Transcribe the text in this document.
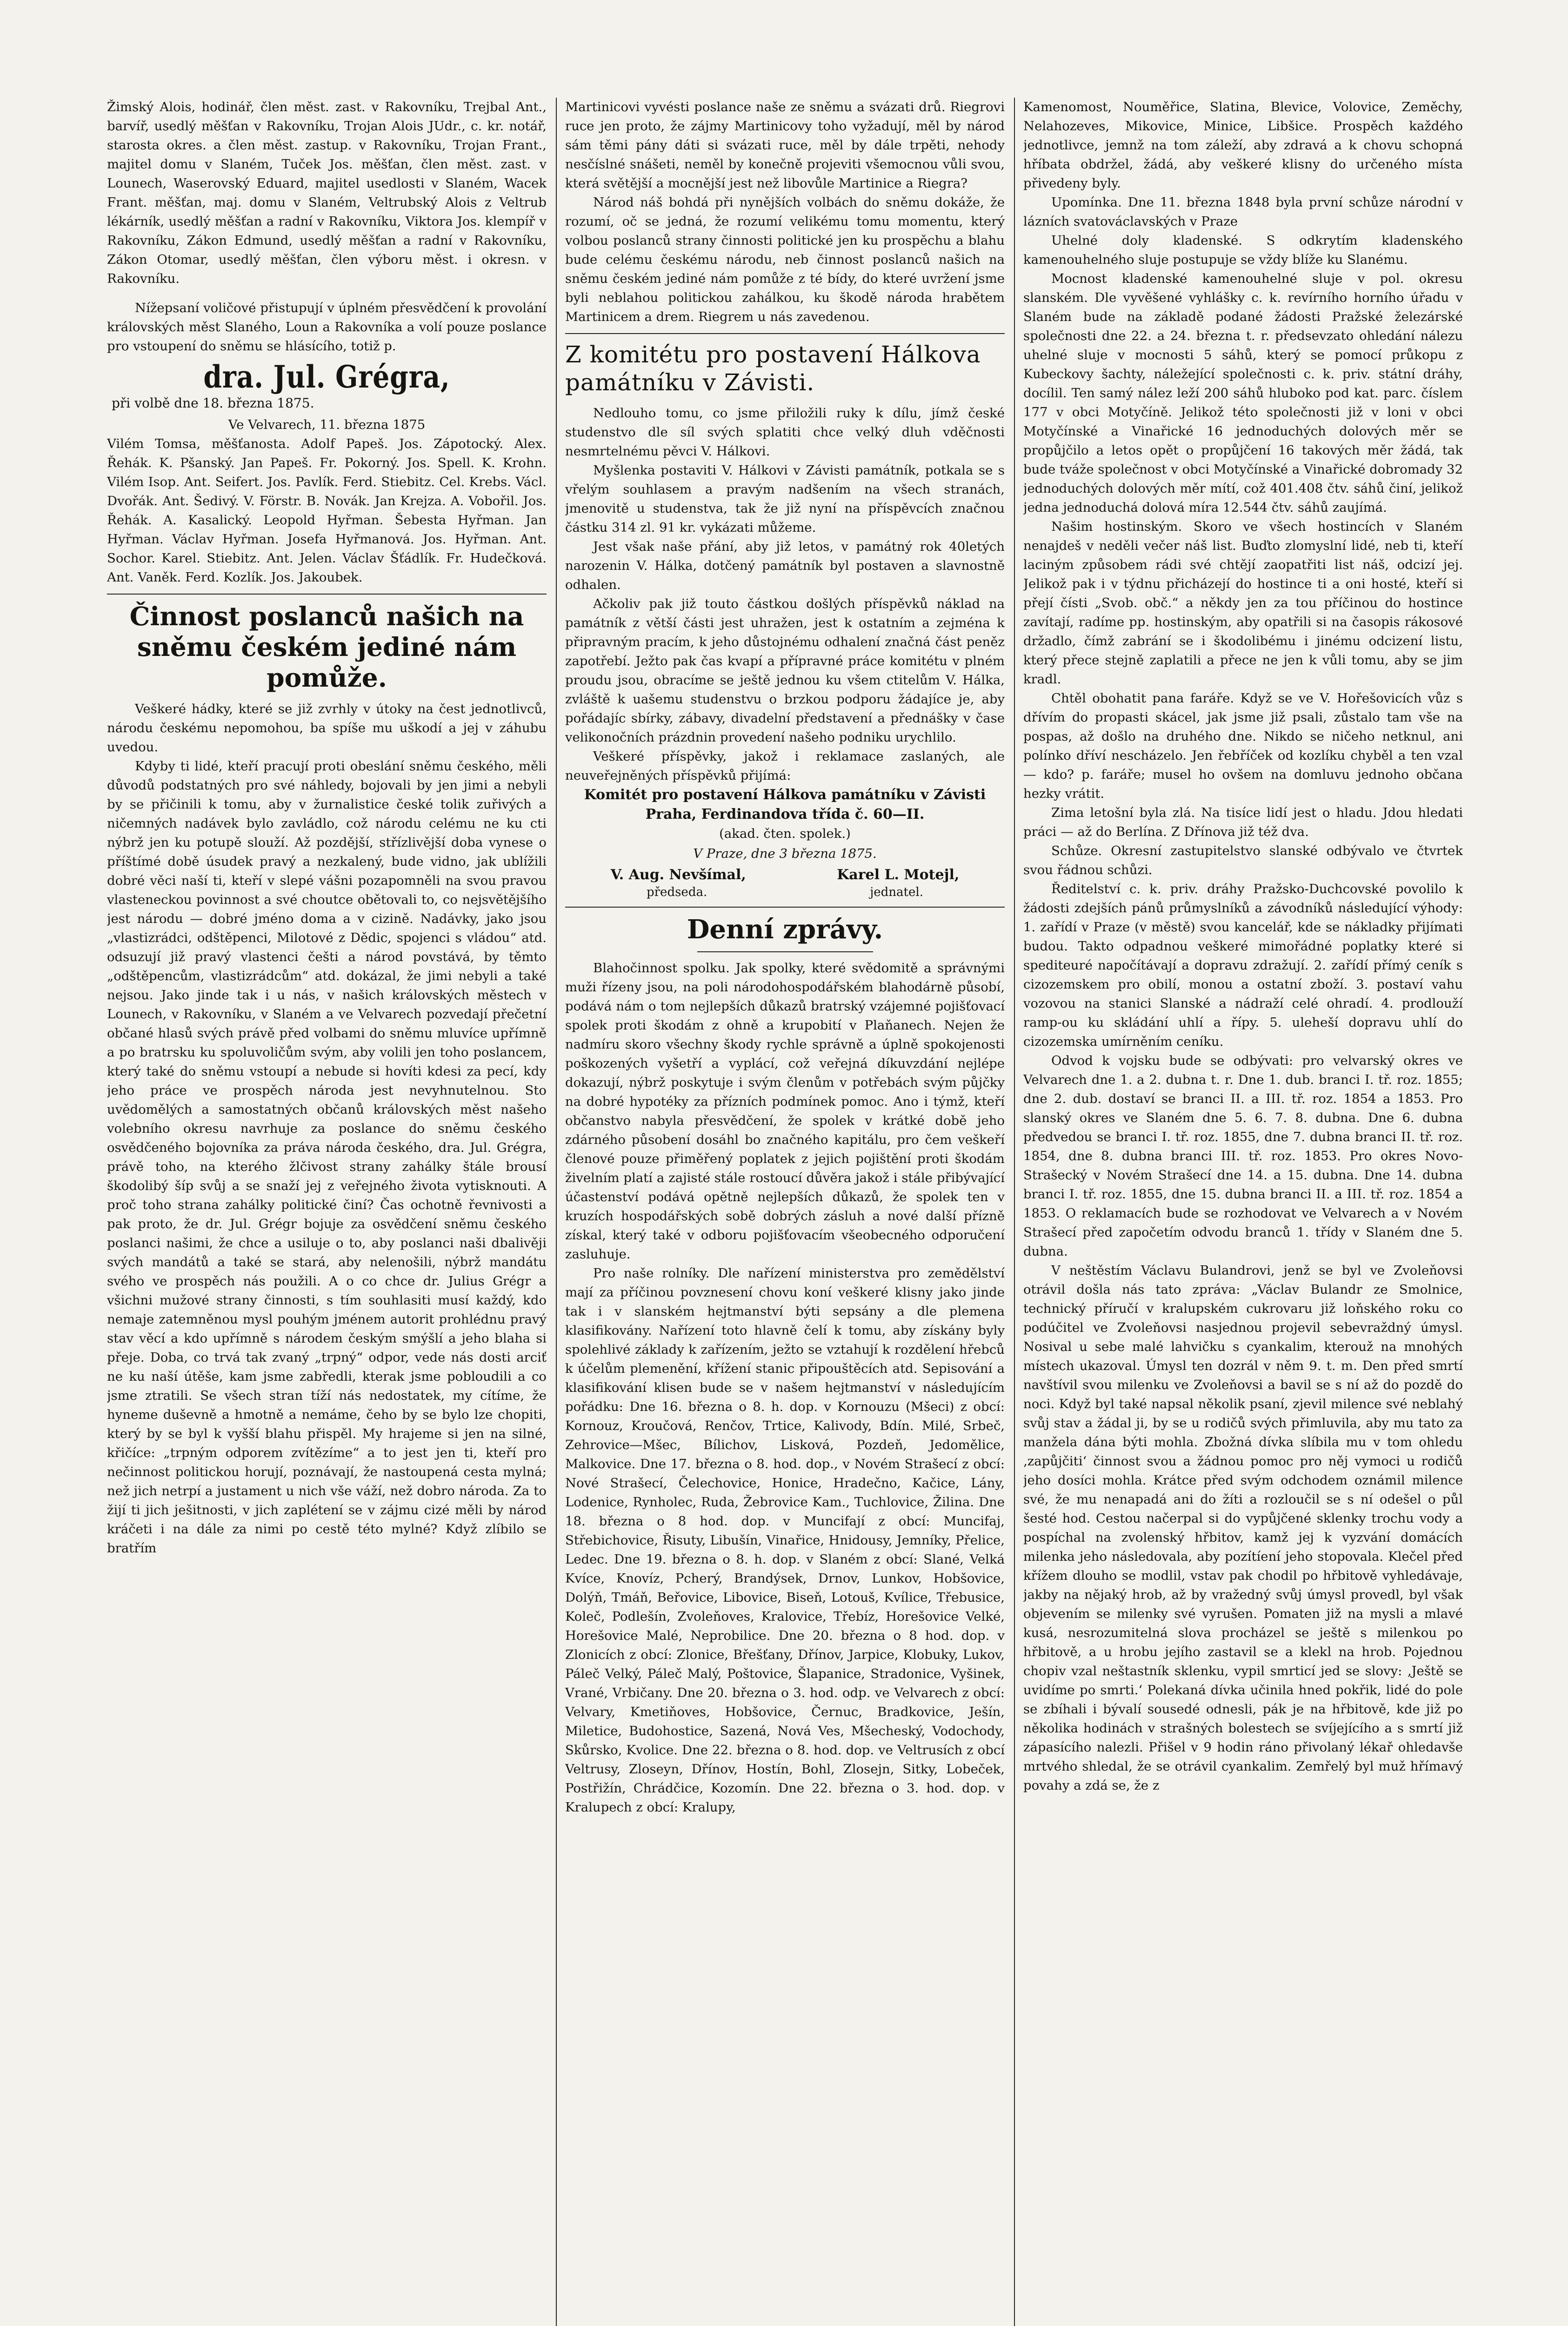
Žimský Alois, hodinář, člen měst. zast. v Rakovníku, Trejbal Ant., barvíř, usedlý měšťan v Rakovníku, Trojan Alois JUdr., c. kr. notář, starosta okres. a člen měst. zastup. v Rakovníku, Trojan Frant., majitel domu v Slaném, Tuček Jos. měšťan, člen měst. zast. v Lounech, Waserovský Eduard, majitel usedlosti v Slaném, Wacek Frant. měšťan, maj. domu v Slaném, Veltrubský Alois z Veltrub lékárník, usedlý měšťan a radní v Rakovníku, Viktora Jos. klempíř v Rakovníku, Zákon Edmund, usedlý měšťan a radní v Rakovníku, Zákon Otomar, usedlý měšťan, člen výboru měst. i okresn. v Rakovníku.

Nížepsaní voličové přistupují v úplném přesvědčení k provolání královských měst Slaného, Loun a Rakovníka a volí pouze poslance pro vstoupení do sněmu se hlásícího, totiž p.

dra. Jul. Grégra,

při volbě dne 18. března 1875.

Ve Velvarech, 11. března 1875

Vilém Tomsa, měšťanosta. Adolf Papeš. Jos. Zápotocký. Alex. Řehák. K. Pšanský. Jan Papeš. Fr. Pokorný. Jos. Spell. K. Krohn. Vilém Isop. Ant. Seifert. Jos. Pavlík. Ferd. Stiebitz. Cel. Krebs. Václ. Dvořák. Ant. Šedivý. V. Förstr. B. Novák. Jan Krejza. A. Vobořil. Jos. Řehák. A. Kasalický. Leopold Hyřman. Šebesta Hyřman. Jan Hyřman. Václav Hyřman. Josefa Hyřmanová. Jos. Hyřman. Ant. Sochor. Karel. Stiebitz. Ant. Jelen. Václav Šťádlík. Fr. Hudečková. Ant. Vaněk. Ferd. Kozlík. Jos. Jakoubek.

Činnost poslanců našich na sněmu českém jediné nám pomůže.

Veškeré hádky, které se již zvrhly v útoky na čest jednotlivců, národu českému nepomohou, ba spíše mu uškodí a jej v záhubu uvedou.

Kdyby ti lidé, kteří pracují proti obeslání sněmu českého, měli důvodů podstatných pro své náhledy, bojovali by jen jimi a nebyli by se přičinili k tomu, aby v žurnalistice české tolik zuřivých a ničemných nadávek bylo zavládlo, což národu celému ne ku cti nýbrž jen ku potupě slouží. Až pozdější, střízlivější doba vynese o příštímé době úsudek pravý a nezkalený, bude vidno, jak ublížili dobré věci naší ti, kteří v slepé vášni pozapomněli na svou pravou vlasteneckou povinnost a své choutce obětovali to, co nejsvětějšího jest národu — dobré jméno doma a v cizině. Nadávky, jako jsou „vlastizrádci, odštěpenci, Milotové z Dědic, spojenci s vládou“ atd. odsuzují již pravý vlastenci češti a národ povstává, by těmto „odštěpencům, vlastizrádcům“ atd. dokázal, že jimi nebyli a také nejsou. Jako jinde tak i u nás, v našich královských městech v Lounech, v Rakovníku, v Slaném a ve Velvarech pozvedají přečetní občané hlasů svých právě před volbami do sněmu mluvíce upřímně a po bratrsku ku spoluvoličům svým, aby volili jen toho poslancem, který také do sněmu vstoupí a nebude si hovíti kdesi za pecí, kdy jeho práce ve prospěch národa jest nevyhnutelnou. Sto uvědomělých a samostatných občanů královských měst našeho volebního okresu navrhuje za poslance do sněmu českého osvědčeného bojovníka za práva národa českého, dra. Jul. Grégra, právě toho, na kterého žlčivost strany zahálky štále brousí škodolibý šíp svůj a se snaží jej z veřejného života vytisknouti. A proč toho strana zahálky politické činí? Čas ochotně řevnivosti a pak proto, že dr. Jul. Grégr bojuje za osvědčení sněmu českého poslanci našimi, že chce a usiluje o to, aby poslanci naši dbalivěji svých mandátů a také se stará, aby nelenošili, nýbrž mandátu svého ve prospěch nás použili. A o co chce dr. Julius Grégr a všichni mužové strany činnosti, s tím souhlasiti musí každý, kdo nemaje zatemněnou mysl pouhým jménem autorit prohlédnu pravý stav věcí a kdo upřímně s národem českým smýšlí a jeho blaha si přeje. Doba, co trvá tak zvaný „trpný“ odpor, vede nás dosti arciť ne ku naší útěše, kam jsme zabředli, kterak jsme pobloudili a co jsme ztratili. Se všech stran tíží nás nedostatek, my cítíme, že hyneme duševně a hmotně a nemáme, čeho by se bylo lze chopiti, který by se byl k vyšší blahu přispěl. My hrajeme si jen na silné, křičíce: „trpným odporem zvítězíme“ a to jest jen ti, kteří pro nečinnost politickou horují, poznávají, že nastoupená cesta mylná; než jich netrpí a justament u nich vše váží, než dobro národa. Za to žijí ti jich ješitnosti, v jich zaplétení se v zájmu cizé měli by národ kráčeti i na dále za nimi po cestě této mylné? Když zlíbilo se bratřím

Martinicovi vyvésti poslance naše ze sněmu a svázati drů. Riegrovi ruce jen proto, že zájmy Martinicovy toho vyžadují, měl by národ sám těmi pány dáti si svázati ruce, měl by dále trpěti, nehody nesčíslné snášeti, neměl by konečně projeviti všemocnou vůli svou, která světější a mocnější jest než libovůle Martinice a Riegra?

Národ náš bohdá při nynějších volbách do sněmu dokáže, že rozumí, oč se jedná, že rozumí velikému tomu momentu, který volbou poslanců strany činnosti politické jen ku prospěchu a blahu bude celému českému národu, neb činnost poslanců našich na sněmu českém jediné nám pomůže z té bídy, do které uvržení jsme byli neblahou politickou zahálkou, ku škodě národa hrabětem Martinicem a drem. Riegrem u nás zavedenou.

Z komitétu pro postavení Hálkova památníku v Závisti.

Nedlouho tomu, co jsme přiložili ruky k dílu, jímž české studenstvo dle síl svých splatiti chce velký dluh vděčnosti nesmrtelnému pěvci V. Hálkovi.

Myšlenka postaviti V. Hálkovi v Závisti památník, potkala se s vřelým souhlasem a pravým nadšením na všech stranách, jmenovitě u studenstva, tak že již nyní na příspěvcích značnou částku 314 zl. 91 kr. vykázati můžeme.

Jest však naše přání, aby již letos, v památný rok 40letých narozenin V. Hálka, dotčený památník byl postaven a slavnostně odhalen.

Ačkoliv pak již touto částkou došlých příspěvků náklad na památník z větší části jest uhražen, jest k ostatním a zejména k připravným pracím, k jeho důstojnému odhalení značná část peněz zapotřebí. Ježto pak čas kvapí a přípravné práce komitétu v plném proudu jsou, obracíme se ještě jednou ku všem ctitelům V. Hálka, zvláště k uašemu studenstvu o brzkou podporu žádajíce je, aby pořádajíc sbírky, zábavy, divadelní představení a přednášky v čase velikonočních prázdnin provedení našeho podniku urychlilo.

Veškeré příspěvky, jakož i reklamace zaslaných, ale neuveřejněných příspěvků přijímá:

Komitét pro postavení Hálkova památníku v Závisti

Praha, Ferdinandova třída č. 60—II.

(akad. čten. spolek.)

V Praze, dne 3 března 1875.

V. Aug. Nevšímal,	Karel L. Motejl,
předseda.	jednatel.
Denní zprávy.

Blahočinnost spolku. Jak spolky, které svědomitě a správnými muži řízeny jsou, na poli národohospodářském blahodárně působí, podává nám o tom nejlepších důkazů bratrský vzájemné pojišťovací spolek proti škodám z ohně a krupobití v Plaňanech. Nejen že nadmíru skoro všechny škody rychle správně a úplně spokojenosti poškozených vyšetří a vyplácí, což veřejná díkuvzdání nejlépe dokazují, nýbrž poskytuje i svým členům v potřebách svým půjčky na dobré hypotéky za přízních podmínek pomoc. Ano i týmž, kteří občanstvo nabyla přesvědčení, že spolek v krátké době jeho zdárného působení dosáhl bo značného kapitálu, pro čem veškeří členové pouze přiměřený poplatek z jejich pojištění proti škodám živelním platí a zajisté stále rostoucí důvěra jakož i stále přibývající účastenství podává opětně nejlepších důkazů, že spolek ten v kruzích hospodářských sobě dobrých zásluh a nové další přízně získal, který také v odboru pojišťovacím všeobecného odporučení zasluhuje.

Pro naše rolníky. Dle nařízení ministerstva pro zemědělství mají za příčinou povznesení chovu koní veškeré klisny jako jinde tak i v slanském hejtmanství býti sepsány a dle plemena klasifikovány. Nařízení toto hlavně čelí k tomu, aby získány byly spolehlivé základy k zařízením, ježto se vztahují k rozdělení hřebců k účelům plemenění, křížení stanic připouštěcích atd. Sepisování a klasifikování klisen bude se v našem hejtmanství v následujícím pořádku: Dne 16. března o 8. h. dop. v Kornouzu (Mšeci) z obcí: Kornouz, Kroučová, Renčov, Trtice, Kalivody, Bdín. Milé, Srbeč, Zehrovice—Mšec, Bílichov, Lisková, Pozdeň, Jedomělice, Malkovice. Dne 17. března o 8. hod. dop., v Novém Strašecí z obcí: Nové Strašecí, Čelechovice, Honice, Hradečno, Kačice, Lány, Lodenice, Rynholec, Ruda, Žebrovice Kam., Tuchlovice, Žilina. Dne 18. března o 8 hod. dop. v Muncifají z obcí: Muncifaj, Střebichovice, Řisuty, Libušín, Vinařice, Hnidousy, Jemníky, Přelice, Ledec. Dne 19. března o 8. h. dop. v Slaném z obcí: Slané, Velká Kvíce, Knovíz, Pcherý, Brandýsek, Drnov, Lunkov, Hobšovice, Dolýň, Tmáň, Beřovice, Libovice, Biseň, Lotouš, Kvílice, Třebusice, Koleč, Podlešín, Zvoleňoves, Kralovice, Třebíz, Horešovice Velké, Horešovice Malé, Neprobilice. Dne 20. března o 8 hod. dop. v Zlonicích z obcí: Zlonice, Břešťany, Dřínov, Jarpice, Klobuky, Lukov, Páleč Velký, Páleč Malý, Poštovice, Šlapanice, Stradonice, Vyšinek, Vrané, Vrbičany. Dne 20. března o 3. hod. odp. ve Velvarech z obcí: Velvary, Kmetiňoves, Hobšovice, Černuc, Bradkovice, Ješín, Miletice, Budohostice, Sazená, Nová Ves, Mšecheský, Vodochody, Skůrsko, Kvolice. Dne 22. března o 8. hod. dop. ve Veltrusích z obcí Veltrusy, Zloseyn, Dřínov, Hostín, Bohl, Zlosejn, Sitky, Lobeček, Postřižín, Chrádčice, Kozomín. Dne 22. března o 3. hod. dop. v Kralupech z obcí: Kralupy,

Kamenomost, Nouměřice, Slatina, Blevice, Volovice, Zeměchy, Nelahozeves, Mikovice, Minice, Libšice. Prospěch každého jednotlivce, jemnž na tom záleží, aby zdravá a k chovu schopná hříbata obdržel, žádá, aby veškeré klisny do určeného místa přivedeny byly.

Upomínka. Dne 11. března 1848 byla první schůze národní v lázních svatováclavských v Praze

Uhelné doly kladenské. S odkrytím kladenského kamenouhelného sluje postupuje se vždy blíže ku Slanému.

Mocnost kladenské kamenouhelné sluje v pol. okresu slanském. Dle vyvěšené vyhlášky c. k. revírního horního úřadu v Slaném bude na základě podané žádosti Pražské železárské společnosti dne 22. a 24. března t. r. předsevzato ohledání nálezu uhelné sluje v mocnosti 5 sáhů, který se pomocí průkopu z Kubeckovy šachty, náležející společnosti c. k. priv. státní dráhy, docílil. Ten samý nález leží 200 sáhů hluboko pod kat. parc. číslem 177 v obci Motyčíně. Jelikož této společnosti již v loni v obci Motyčínské a Vinařické 16 jednoduchých dolových měr se propůjčilo a letos opět o propůjčení 16 takových měr žádá, tak bude tváže společnost v obci Motyčínské a Vinařické dobromady 32 jednoduchých dolových měr mítí, což 401.408 čtv. sáhů činí, jelikož jedna jednoduchá dolová míra 12.544 čtv. sáhů zaujímá.

Našim hostinským. Skoro ve všech hostincích v Slaném nenajdeš v neděli večer náš list. Buďto zlomyslní lidé, neb ti, kteří laciným způsobem rádi své chtějí zaopatřiti list náš, odcizí jej. Jelikož pak i v týdnu přicházejí do hostince ti a oni hosté, kteří si přejí čísti „Svob. obč.“ a někdy jen za tou příčinou do hostince zavítají, radíme pp. hostinským, aby opatřili si na časopis rákosové držadlo, čímž zabrání se i škodolibému i jinému odcizení listu, který přece stejně zaplatili a přece ne jen k vůli tomu, aby se jim kradl.

Chtěl obohatit pana faráře. Když se ve V. Hořešovicích vůz s dřívím do propasti skácel, jak jsme již psali, zůstalo tam vše na pospas, až došlo na druhého dne. Nikdo se ničeho netknul, ani polínko dříví nescházelo. Jen řebříček od kozlíku chyběl a ten vzal — kdo? p. faráře; musel ho ovšem na domluvu jednoho občana hezky vrátit.

Zima letošní byla zlá. Na tisíce lidí jest o hladu. Jdou hledati práci — až do Berlína. Z Dřínova již též dva.

Schůze. Okresní zastupitelstvo slanské odbývalo ve čtvrtek svou řádnou schůzi.

Ředitelství c. k. priv. dráhy Pražsko-Duchcovské povolilo k žádosti zdejších pánů průmyslníků a závodníků následující výhody: 1. zařídí v Praze (v městě) svou kancelář, kde se nákladky přijímati budou. Takto odpadnou veškeré mimořádné poplatky které si spediteuré napočítávají a dopravu zdražují. 2. zařídí přímý ceník s cizozemskem pro obilí, monou a ostatní zboží. 3. postaví vahu vozovou na stanici Slanské a nádraží celé ohradí. 4. prodlouží ramp-ou ku skládání uhlí a řípy. 5. uleheší dopravu uhlí do cizozemska umírněním ceníku.

Odvod k vojsku bude se odbývati: pro velvarský okres ve Velvarech dne 1. a 2. dubna t. r. Dne 1. dub. branci I. tř. roz. 1855; dne 2. dub. dostaví se branci II. a III. tř. roz. 1854 a 1853. Pro slanský okres ve Slaném dne 5. 6. 7. 8. dubna. Dne 6. dubna předvedou se branci I. tř. roz. 1855, dne 7. dubna branci II. tř. roz. 1854, dne 8. dubna branci III. tř. roz. 1853. Pro okres Novo-Strašecký v Novém Strašecí dne 14. a 15. dubna. Dne 14. dubna branci I. tř. roz. 1855, dne 15. dubna branci II. a III. tř. roz. 1854 a 1853. O reklamacích bude se rozhodovat ve Velvarech a v Novém Strašecí před započetím odvodu branců 1. třídy v Slaném dne 5. dubna.

V neštěstím Václavu Bulandrovi, jenž se byl ve Zvoleňovsi otrávil došla nás tato zpráva: „Václav Bulandr ze Smolnice, technický příručí v kralupském cukrovaru již loňského roku co podúčitel ve Zvoleňovsi nasjednou projevil sebevraždný úmysl. Nosival u sebe malé lahvičku s cyankalim, kterouž na mnohých místech ukazoval. Úmysl ten dozrál v něm 9. t. m. Den před smrtí navštívil svou milenku ve Zvoleňovsi a bavil se s ní až do pozdě do noci. Když byl také napsal několik psaní, zjevil milence své neblahý svůj stav a žádal ji, by se u rodičů svých přimluvila, aby mu tato za manžela dána býti mohla. Zbožná dívka slíbila mu v tom ohledu ‚zapůjčiti‘ činnost svou a žádnou pomoc pro něj vymoci u rodičů jeho dosíci mohla. Krátce před svým odchodem oznámil milence své, že mu nenapadá ani do žíti a rozloučil se s ní odešel o půl šesté hod. Cestou načerpal si do vypůjčené sklenky trochu vody a pospíchal na zvolenský hřbitov, kamž jej k vyzvání domácích milenka jeho následovala, aby pozítíení jeho stopovala. Klečel před křížem dlouho se modlil, vstav pak chodil po hřbitově vyhledávaje, jakby na nějaký hrob, až by vražedný svůj úmysl provedl, byl však objevením se milenky své vyrušen. Pomaten již na mysli a mlavé kusá, nesrozumitelná slova procházel se ještě s milenkou po hřbitově, a u hrobu jejího zastavil se a klekl na hrob. Pojednou chopiv vzal neštastník sklenku, vypil smrticí jed se slovy: ‚Ještě se uvidíme po smrti.‘ Polekaná dívka učinila hned pokřik, lidé do pole se zbíhali i bývalí sousedé odnesli, pák je na hřbitově, kde již po několika hodinách v strašných bolestech se svíjejícího a s smrtí již zápasícího nalezli. Přišel v 9 hodin ráno přivolaný lékař ohledavše mrtvého shledal, že se otrávil cyankalim. Zemřelý byl muž hřímavý povahy a zdá se, že z
